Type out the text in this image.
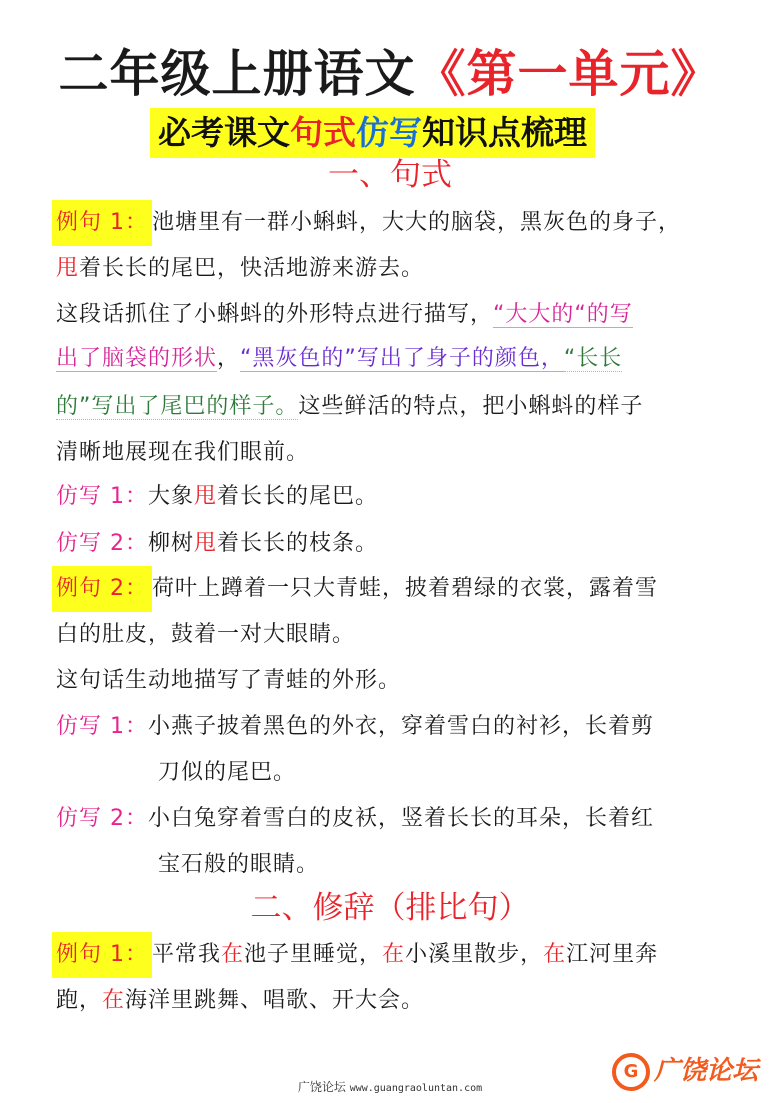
二年级上册语文《第一单元》
必考课文句式仿写知识点梳理
一、句式
例句 1： 池塘里有一群小蝌蚪，大大的脑袋，黑灰色的身子，
甩着长长的尾巴，快活地游来游去。
这段话抓住了小蝌蚪的外形特点进行描写，“大大的“的写
出了脑袋的形状，“黑灰色的”写出了身子的颜色，“长长
的”写出了尾巴的样子。这些鲜活的特点，把小蝌蚪的样子
清晰地展现在我们眼前。
仿写 1：大象甩着长长的尾巴。
仿写 2：柳树甩着长长的枝条。
例句 2： 荷叶上蹲着一只大青蛙，披着碧绿的衣裳，露着雪
白的肚皮，鼓着一对大眼睛。
这句话生动地描写了青蛙的外形。
仿写 1：小燕子披着黑色的外衣，穿着雪白的衬衫，长着剪
刀似的尾巴。
仿写 2：小白兔穿着雪白的皮袄，竖着长长的耳朵，长着红
宝石般的眼睛。
二、修辞（排比句）
例句 1： 平常我在池子里睡觉，在小溪里散步，在江河里奔
跑，在海洋里跳舞、唱歌、开大会。
广饶论坛 www.guangraoluntan.com
G 广饶论坛
